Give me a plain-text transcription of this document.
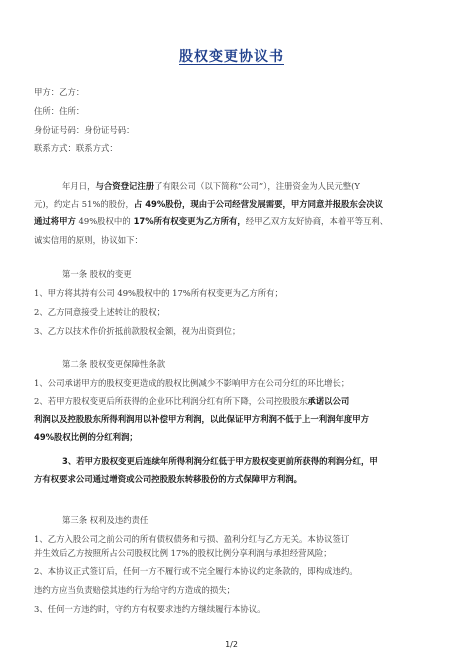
股权变更协议书
甲方：乙方：
住所：住所：
身份证号码：身份证号码：
联系方式：联系方式：
年月日，与合资登记注册了有限公司（以下简称“公司”），注册资金为人民元整(Y
元)，约定占 51%的股份，占 49%股份，现由于公司经营发展需要，甲方同意并报股东会决议
通过将甲方 49%股权中的 17%所有权变更为乙方所有，经甲乙双方友好协商，本着平等互利、
诚实信用的原则，协议如下：
第一条 股权的变更
1、甲方将其持有公司 49%股权中的 17%所有权变更为乙方所有；
2、乙方同意接受上述转让的股权；
3、乙方以技术作价折抵前款股权金额，视为出资到位；
第二条 股权变更保障性条款
1、公司承诺甲方的股权变更造成的股权比例减少不影响甲方在公司分红的环比增长；
2、若甲方股权变更后所获得的企业环比利润分红有所下降，公司控股股东承诺以公司
利润以及控股股东所得利润用以补偿甲方利润，以此保证甲方利润不低于上一利润年度甲方
49%股权比例的分红利润；
3、若甲方股权变更后连续年所得利润分红低于甲方股权变更前所获得的利润分红，甲
方有权要求公司通过增资或公司控股股东转移股份的方式保障甲方利润。
第三条 权利及违约责任
1、乙方入股公司之前公司的所有债权债务和亏损、盈利分红与乙方无关。本协议签订
并生效后乙方按照所占公司股权比例 17%的股权比例分享利润与承担经营风险；
2、本协议正式签订后，任何一方不履行或不完全履行本协议约定条款的，即构成违约。
违约方应当负责赔偿其违约行为给守约方造成的损失；
3、任何一方违约时，守约方有权要求违约方继续履行本协议。
1/2
